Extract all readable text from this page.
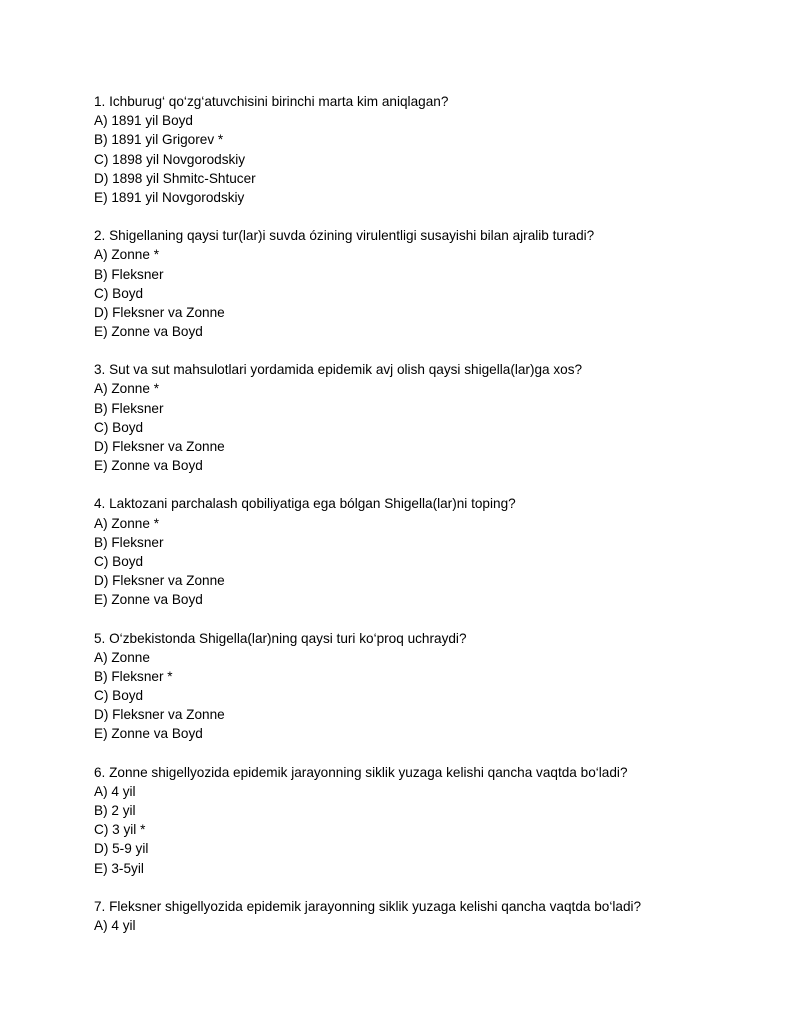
1. Ichburug‘ qo‘zg‘atuvchisini birinchi marta kim aniqlagan?
A) 1891 yil Boyd
B) 1891 yil Grigorev *
C) 1898 yil Novgorodskiy
D) 1898 yil Shmitc-Shtucer
E) 1891 yil Novgorodskiy
2. Shigellaning qaysi tur(lar)i suvda ózining virulentligi susayishi bilan ajralib turadi?
A) Zonne *
B) Fleksner
C) Boyd
D) Fleksner va Zonne
E) Zonne va Boyd
3. Sut va sut mahsulotlari yordamida epidemik avj olish qaysi shigella(lar)ga xos?
A) Zonne *
B) Fleksner
C) Boyd
D) Fleksner va Zonne
E) Zonne va Boyd
4. Laktozani parchalash qobiliyatiga ega bólgan Shigella(lar)ni toping?
A) Zonne *
B) Fleksner
C) Boyd
D) Fleksner va Zonne
E) Zonne va Boyd
5. O‘zbekistonda Shigella(lar)ning qaysi turi ko‘proq uchraydi?
A) Zonne
B) Fleksner *
C) Boyd
D) Fleksner va Zonne
E) Zonne va Boyd
6. Zonne shigellyozida epidemik jarayonning siklik yuzaga kelishi qancha vaqtda bo‘ladi?
A) 4 yil
B) 2 yil
C) 3 yil *
D) 5-9 yil
E) 3-5yil
7. Fleksner shigellyozida epidemik jarayonning siklik yuzaga kelishi qancha vaqtda bo‘ladi?
A) 4 yil
